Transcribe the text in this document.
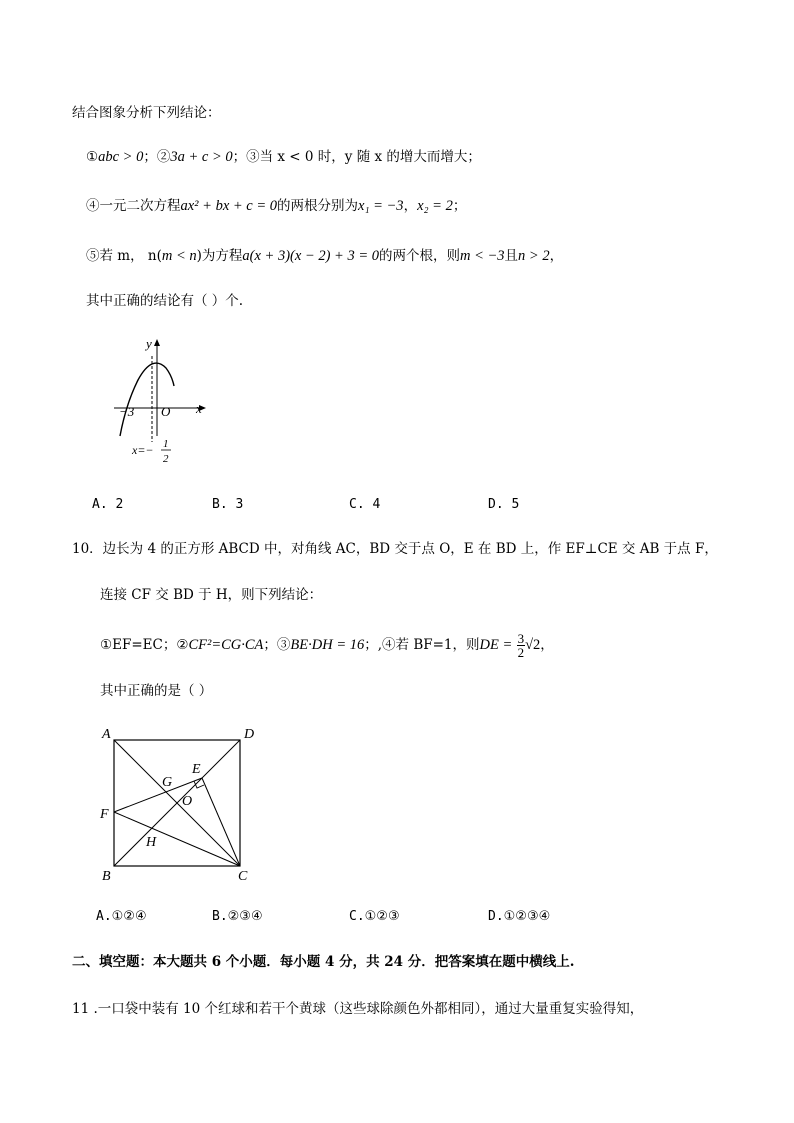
结合图象分析下列结论：
①abc > 0；②3a + c > 0；③当 x < 0 时，y 随 x 的增大而增大；
④一元二次方程ax² + bx + c = 0的两根分别为x₁ = −3，x₂ = 2；
⑤若 m， n(m < n)为方程a(x + 3)(x − 2) + 3 = 0的两个根，则m < −3且n > 2，
其中正确的结论有（ ）个.
y
x
O
−3
x=− 1
2
A. 2	B. 3	C. 4	D. 5
10．边长为 4 的正方形 ABCD 中，对角线 AC，BD 交于点 O，E 在 BD 上，作 EF⊥CE 交 AB 于点 F，
连接 CF 交 BD 于 H，则下列结论：
①EF=EC；②CF²=CG·CA；③BE·DH = 16；,④若 BF=1，则DE = $\frac{3}{2} √2$，
其中正确的是（ ）
A	D
B	C
E
F
G
O
H
A.①②④	B.②③④	C.①②③	D.①②③④
二、填空题：本大题共 6 个小题．每小题 4 分，共 24 分．把答案填在题中横线上.
11 .一口袋中装有 10 个红球和若干个黄球（这些球除颜色外都相同），通过大量重复实验得知，
